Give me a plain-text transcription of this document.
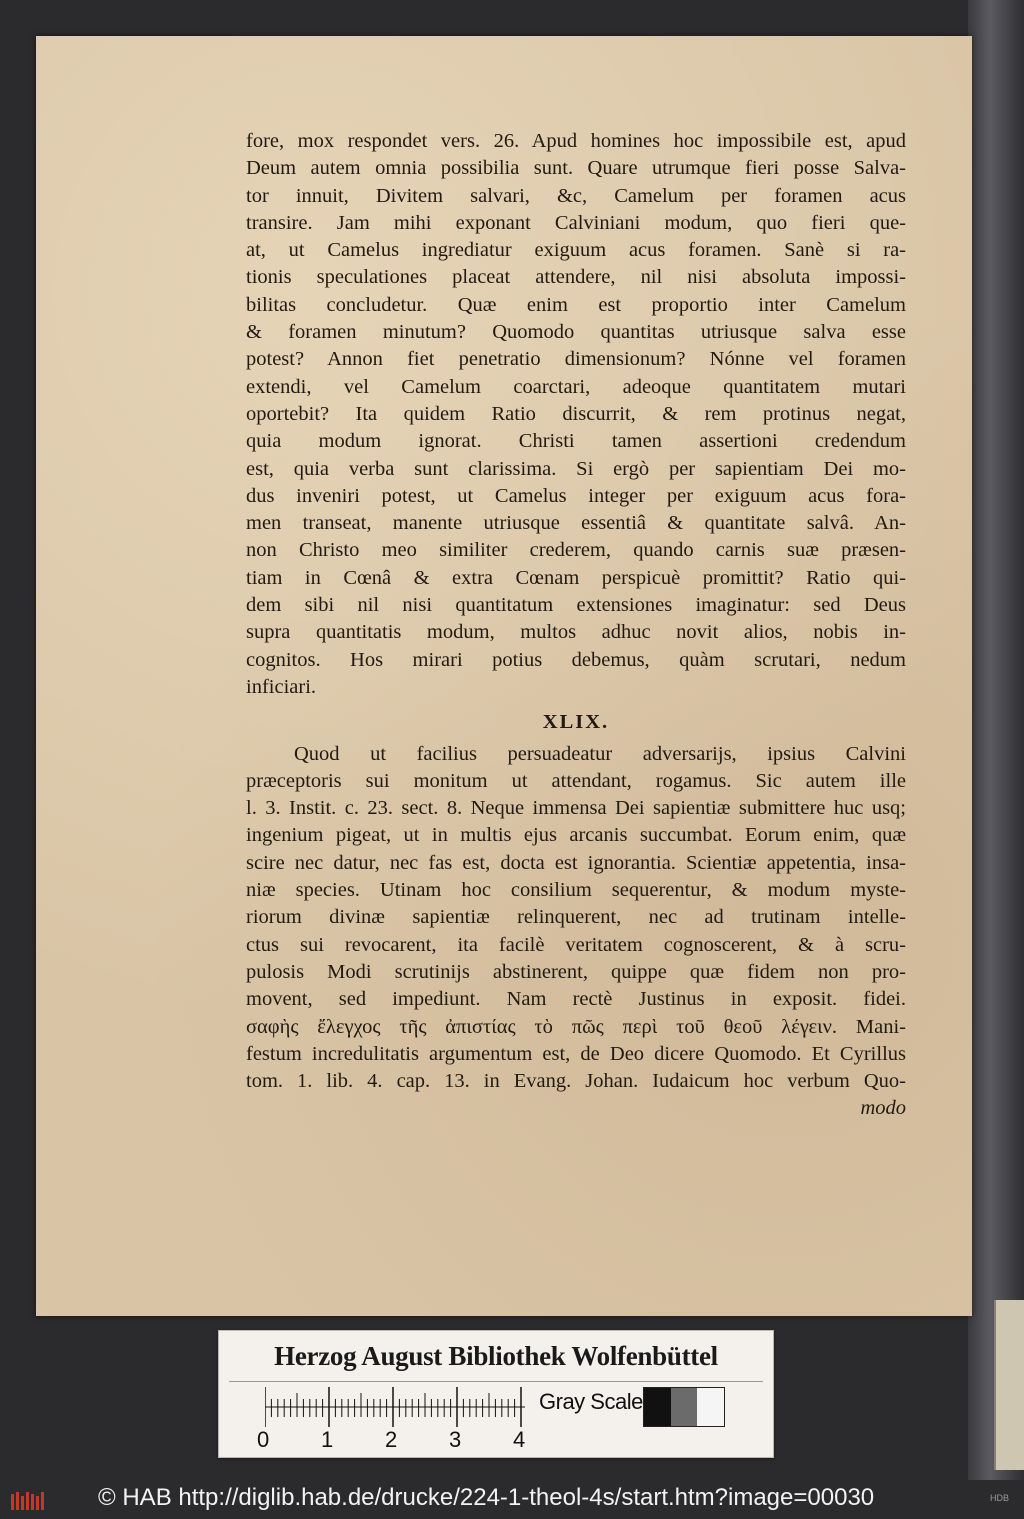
fore, mox respondet vers. 26. Apud homines hoc impossibile est, apud
Deum autem omnia possibilia sunt. Quare utrumque fieri posse Salva-
tor innuit, Divitem salvari, &c, Camelum per foramen acus
transire. Jam mihi exponant Calviniani modum, quo fieri que-
at, ut Camelus ingrediatur exiguum acus foramen. Sanè si ra-
tionis speculationes placeat attendere, nil nisi absoluta impossi-
bilitas concludetur. Quæ enim est proportio inter Camelum
& foramen minutum? Quomodo quantitas utriusque salva esse
potest? Annon fiet penetratio dimensionum? Nónne vel foramen
extendi, vel Camelum coarctari, adeoque quantitatem mutari
oportebit? Ita quidem Ratio discurrit, & rem protinus negat,
quia modum ignorat. Christi tamen assertioni credendum
est, quia verba sunt clarissima. Si ergò per sapientiam Dei mo-
dus inveniri potest, ut Camelus integer per exiguum acus fora-
men transeat, manente utriusque essentiâ & quantitate salvâ. An-
non Christo meo similiter crederem, quando carnis suæ præsen-
tiam in Cœnâ & extra Cœnam perspicuè promittit? Ratio qui-
dem sibi nil nisi quantitatum extensiones imaginatur: sed Deus
supra quantitatis modum, multos adhuc novit alios, nobis in-
cognitos. Hos mirari potius debemus, quàm scrutari, nedum
inficiari.
XLIX.
Quod ut facilius persuadeatur adversarijs, ipsius Calvini
præceptoris sui monitum ut attendant, rogamus. Sic autem ille
l. 3. Instit. c. 23. sect. 8. Neque immensa Dei sapientiæ submittere huc usq;
ingenium pigeat, ut in multis ejus arcanis succumbat. Eorum enim, quæ
scire nec datur, nec fas est, docta est ignorantia. Scientiæ appetentia, insa-
niæ species. Utinam hoc consilium sequerentur, & modum myste-
riorum divinæ sapientiæ relinquerent, nec ad trutinam intelle-
ctus sui revocarent, ita facilè veritatem cognoscerent, & à scru-
pulosis Modi scrutinijs abstinerent, quippe quæ fidem non pro-
movent, sed impediunt. Nam rectè Justinus in exposit. fidei.
σαφὴς ἔλεγχος τῆς ἀπιστίας τὸ πῶς περὶ τοῦ θεοῦ λέγειν. Mani-
festum incredulitatis argumentum est, de Deo dicere Quomodo. Et Cyrillus
tom. 1. lib. 4. cap. 13. in Evang. Johan. Iudaicum hoc verbum Quo-
modo
Herzog August Bibliothek Wolfenbüttel
0 1 2 3 4
Gray Scale
© HAB http://diglib.hab.de/drucke/224-1-theol-4s/start.htm?image=00030	HDB
